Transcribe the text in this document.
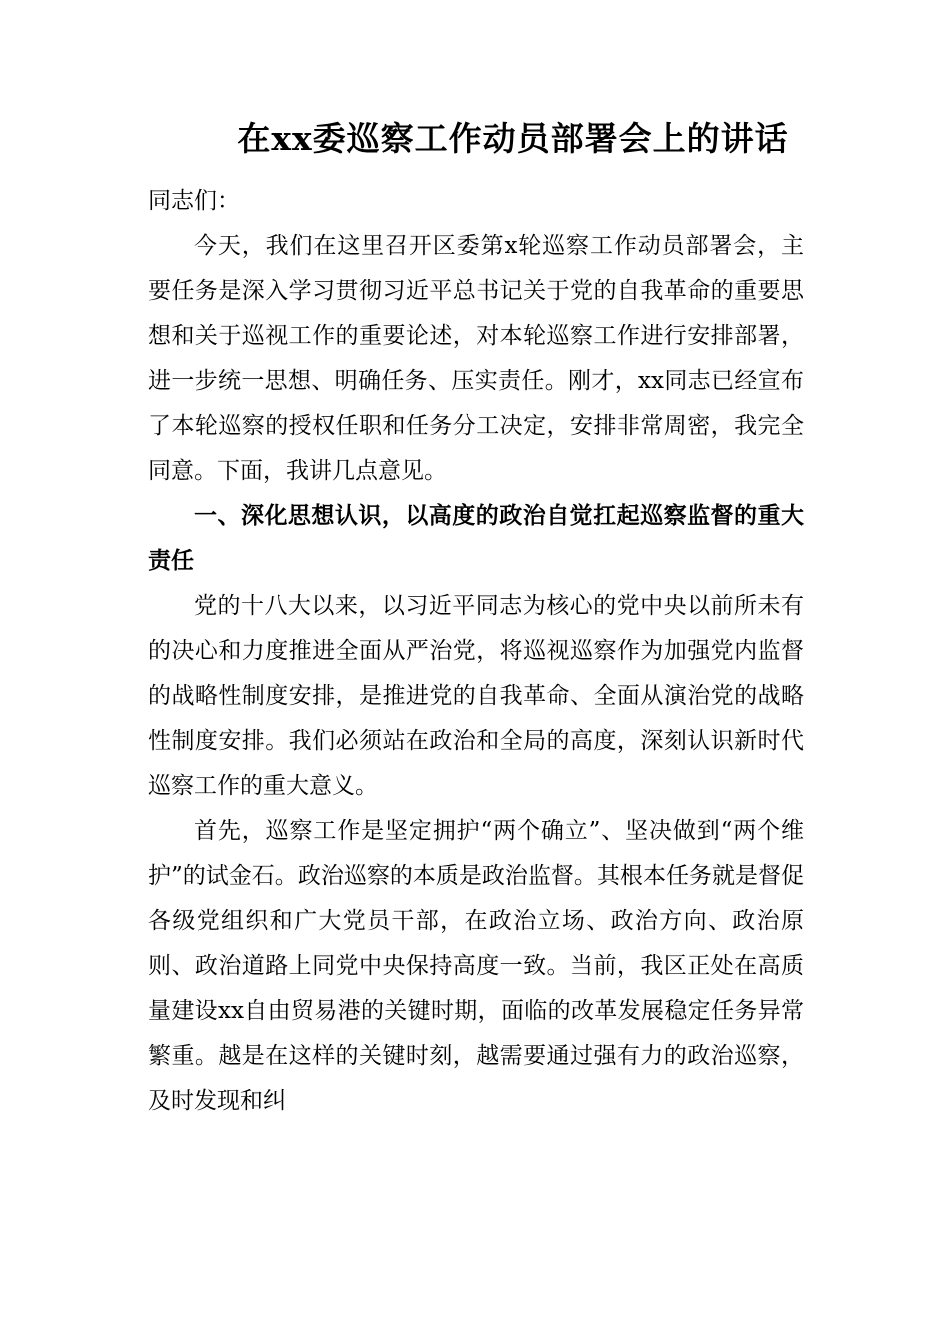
在xx委巡察工作动员部署会上的讲话

同志们：

今天，我们在这里召开区委第x轮巡察工作动员部署会，主要任务是深入学习贯彻习近平总书记关于党的自我革命的重要思想和关于巡视工作的重要论述，对本轮巡察工作进行安排部署，进一步统一思想、明确任务、压实责任。刚才，xx同志已经宣布了本轮巡察的授权任职和任务分工决定，安排非常周密，我完全同意。下面，我讲几点意见。

一、深化思想认识，以高度的政治自觉扛起巡察监督的重大责任

党的十八大以来，以习近平同志为核心的党中央以前所未有的决心和力度推进全面从严治党，将巡视巡察作为加强党内监督的战略性制度安排，是推进党的自我革命、全面从演治党的战略性制度安排。我们必须站在政治和全局的高度，深刻认识新时代巡察工作的重大意义。

首先，巡察工作是坚定拥护“两个确立”、坚决做到“两个维护”的试金石。政治巡察的本质是政治监督。其根本任务就是督促各级党组织和广大党员干部，在政治立场、政治方向、政治原则、政治道路上同党中央保持高度一致。当前，我区正处在高质量建设xx自由贸易港的关键时期，面临的改革发展稳定任务异常繁重。越是在这样的关键时刻，越需要通过强有力的政治巡察，及时发现和纠
